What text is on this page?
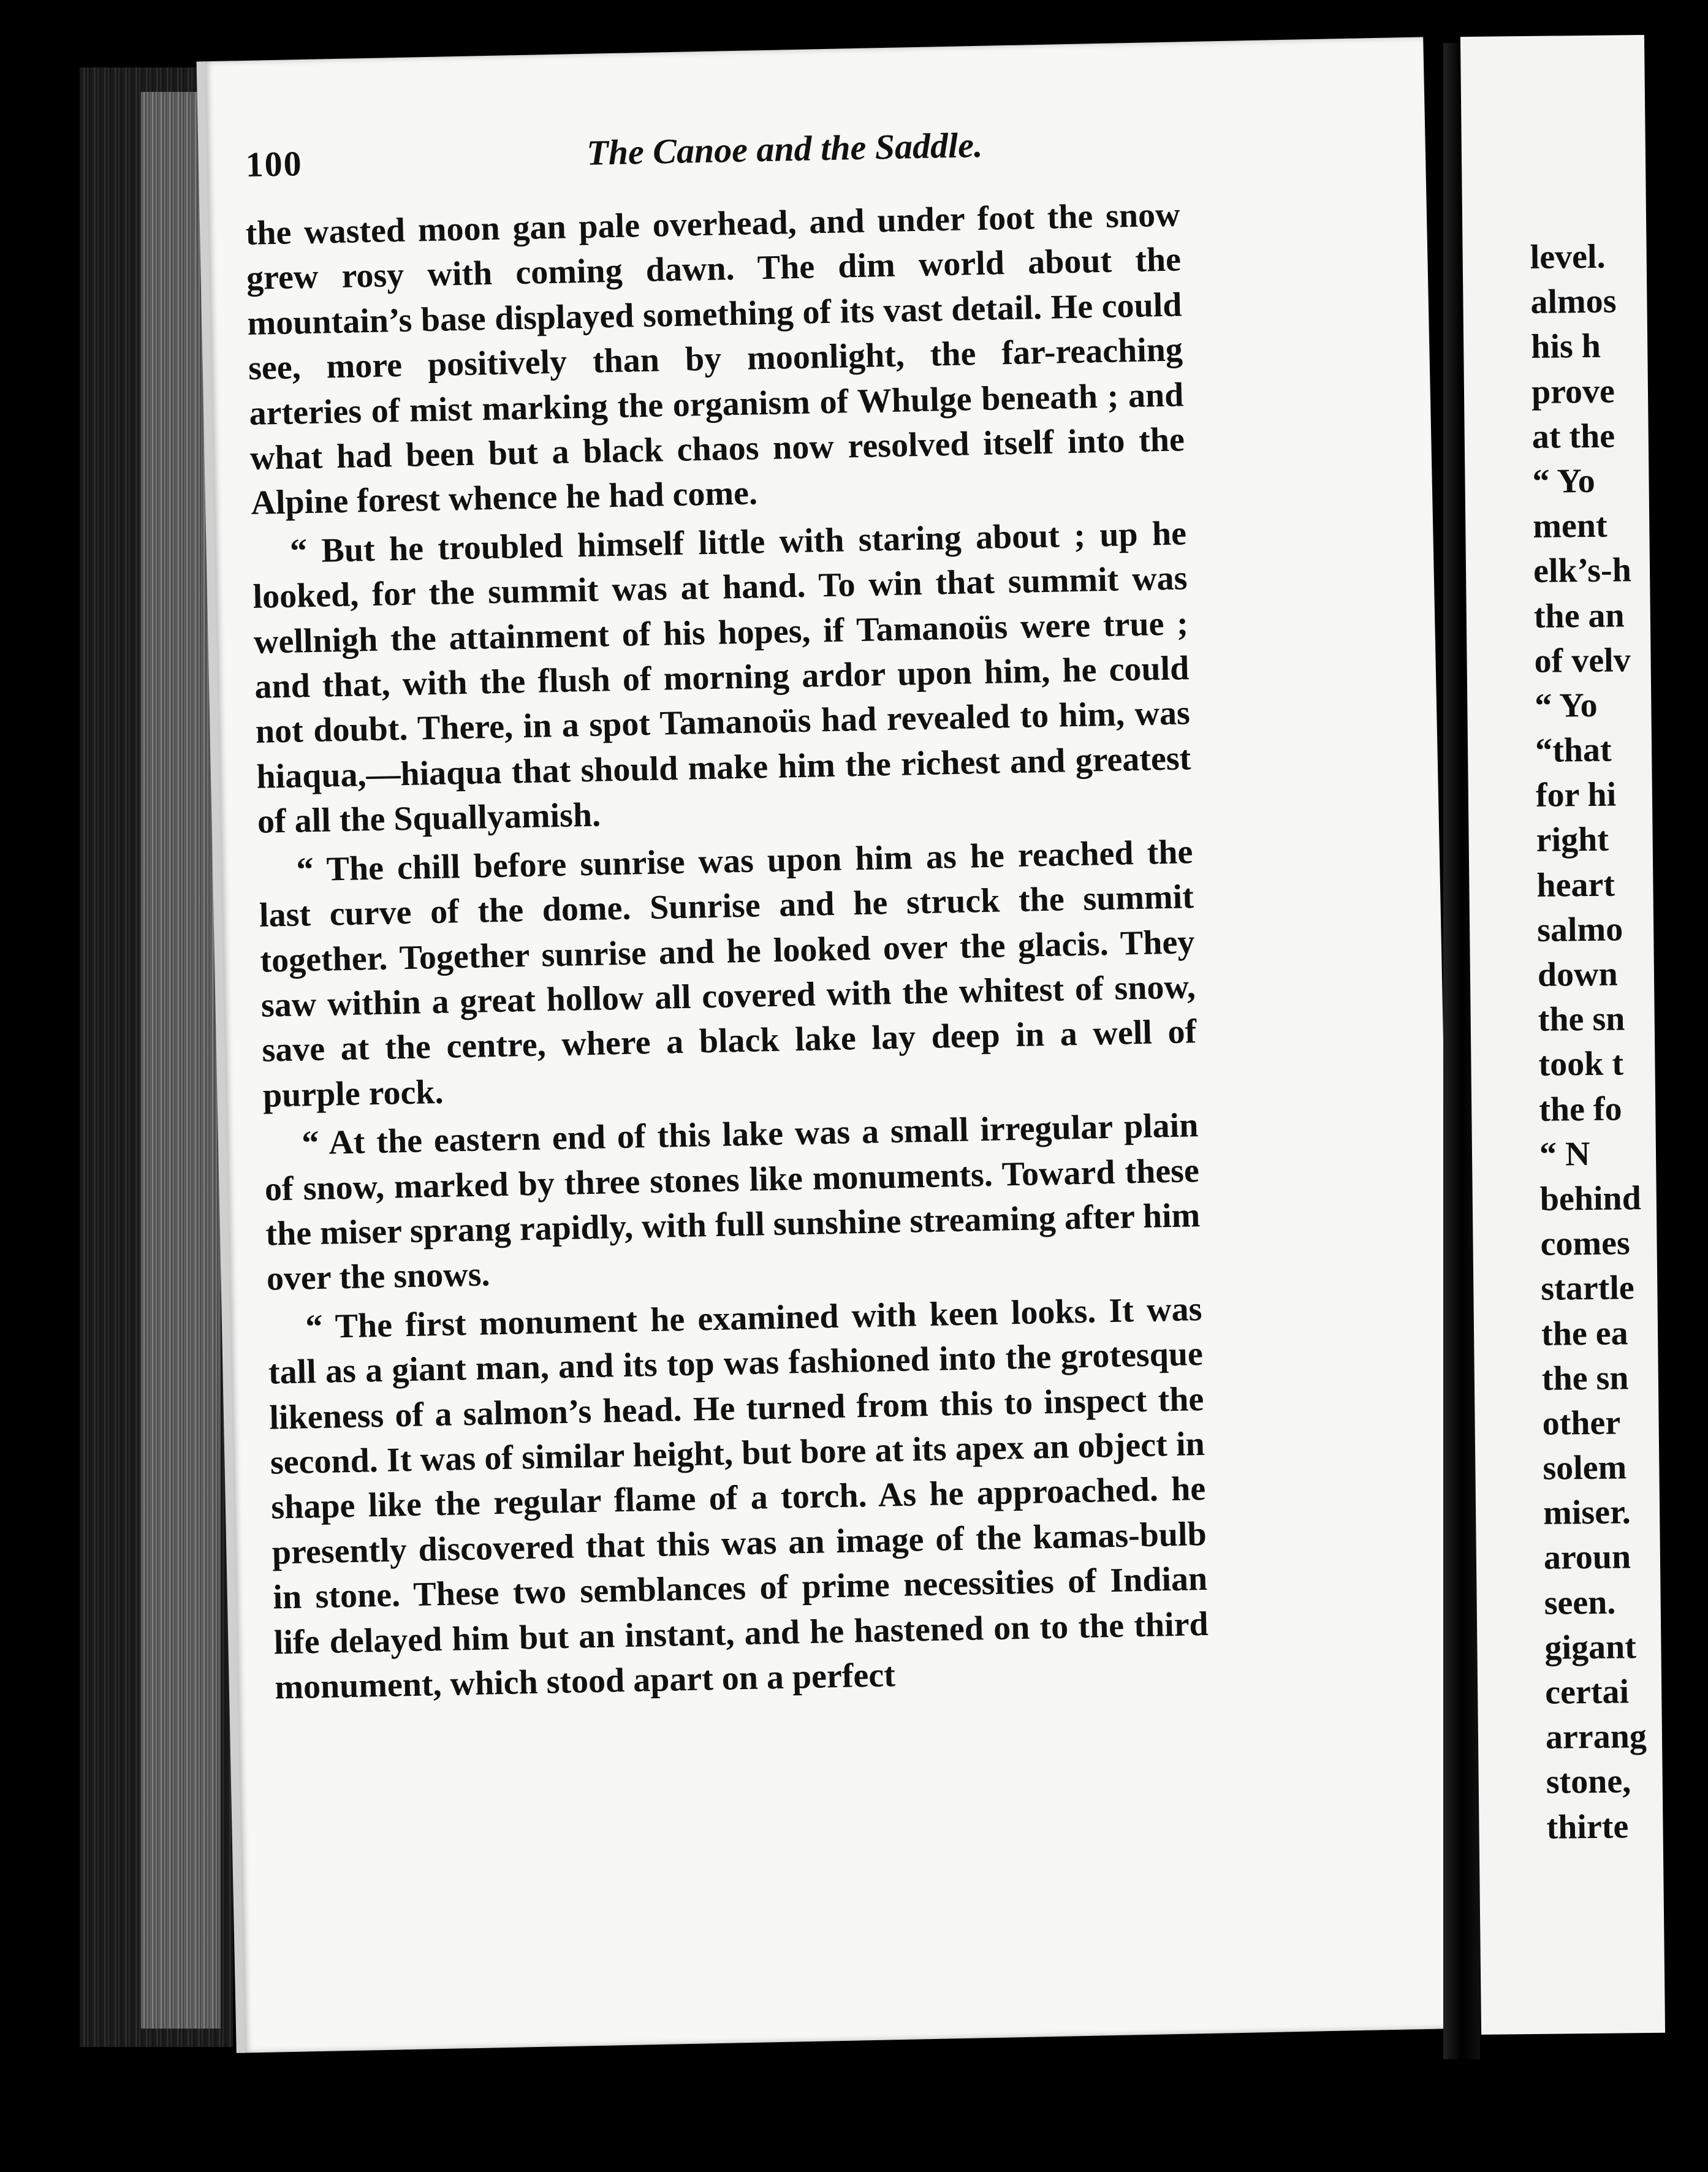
level.
almos
his h
prove
at the
“ Yo
ment
elk’s-h
the an
of velv
“ Yo
“that
for hi
right
heart
salmo
down
the sn
took t
the fo
“ N
behind
comes
startle
the ea
the sn
other
solem
miser.
aroun
seen.
gigant
certai
arrang
stone,
thirte
100	The Canoe and the Saddle.

the wasted moon gan pale overhead, and under foot the snow grew rosy with coming dawn. The dim world about the mountain’s base displayed something of its vast detail. He could see, more positively than by moonlight, the far-reaching arteries of mist marking the organism of Whulge beneath ; and what had been but a black chaos now resolved itself into the Alpine forest whence he had come.

“ But he troubled himself little with staring about ; up he looked, for the summit was at hand. To win that summit was wellnigh the attainment of his hopes, if Tamanoüs were true ; and that, with the flush of morning ardor upon him, he could not doubt. There, in a spot Tamanoüs had revealed to him, was hiaqua,—hiaqua that should make him the richest and greatest of all the Squallyamish.

“ The chill before sunrise was upon him as he reached the last curve of the dome. Sunrise and he struck the summit together. Together sunrise and he looked over the glacis. They saw within a great hollow all covered with the whitest of snow, save at the centre, where a black lake lay deep in a well of purple rock.

“ At the eastern end of this lake was a small irregular plain of snow, marked by three stones like monuments. Toward these the miser sprang rapidly, with full sunshine streaming after him over the snows.

“ The first monument he examined with keen looks. It was tall as a giant man, and its top was fashioned into the grotesque likeness of a salmon’s head. He turned from this to inspect the second. It was of similar height, but bore at its apex an object in shape like the regular flame of a torch. As he approached. he presently discovered that this was an image of the kamas-bulb in stone. These two semblances of prime necessities of Indian life delayed him but an instant, and he hastened on to the third monument, which stood apart on a perfect
